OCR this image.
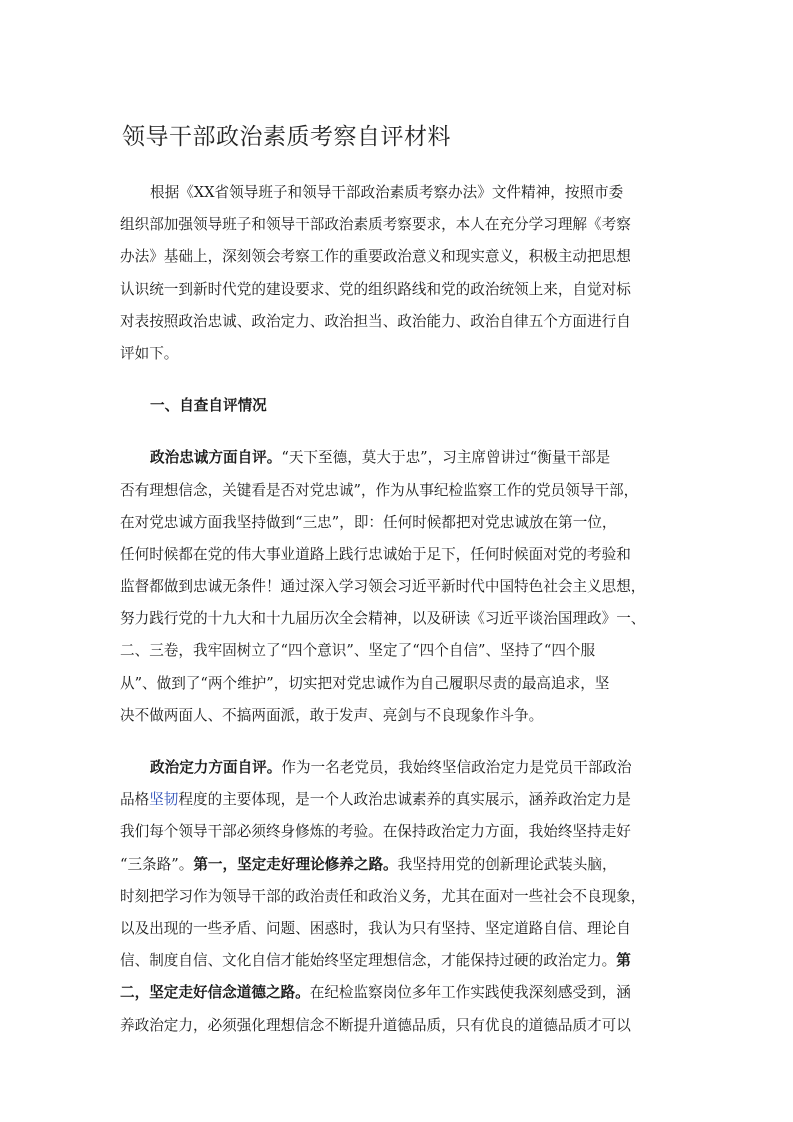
领导干部政治素质考察自评材料
根据《XX省领导班子和领导干部政治素质考察办法》文件精神，按照市委
组织部加强领导班子和领导干部政治素质考察要求，本人在充分学习理解《考察
办法》基础上，深刻领会考察工作的重要政治意义和现实意义，积极主动把思想
认识统一到新时代党的建设要求、党的组织路线和党的政治统领上来，自觉对标
对表按照政治忠诚、政治定力、政治担当、政治能力、政治自律五个方面进行自
评如下。
一、自查自评情况
政治忠诚方面自评。“天下至德，莫大于忠”，习主席曾讲过“衡量干部是
否有理想信念，关键看是否对党忠诚”，作为从事纪检监察工作的党员领导干部，
在对党忠诚方面我坚持做到“三忠”，即：任何时候都把对党忠诚放在第一位，
任何时候都在党的伟大事业道路上践行忠诚始于足下，任何时候面对党的考验和
监督都做到忠诚无条件！通过深入学习领会习近平新时代中国特色社会主义思想，
努力践行党的十九大和十九届历次全会精神，以及研读《习近平谈治国理政》一、
二、三卷，我牢固树立了“四个意识”、坚定了“四个自信”、坚持了“四个服
从”、做到了“两个维护”，切实把对党忠诚作为自己履职尽责的最高追求，坚
决不做两面人、不搞两面派，敢于发声、亮剑与不良现象作斗争。
政治定力方面自评。作为一名老党员，我始终坚信政治定力是党员干部政治
品格坚韧程度的主要体现，是一个人政治忠诚素养的真实展示，涵养政治定力是
我们每个领导干部必须终身修炼的考验。在保持政治定力方面，我始终坚持走好
“三条路”。第一，坚定走好理论修养之路。我坚持用党的创新理论武装头脑，
时刻把学习作为领导干部的政治责任和政治义务，尤其在面对一些社会不良现象，
以及出现的一些矛盾、问题、困惑时，我认为只有坚持、坚定道路自信、理论自
信、制度自信、文化自信才能始终坚定理想信念，才能保持过硬的政治定力。第
二，坚定走好信念道德之路。在纪检监察岗位多年工作实践使我深刻感受到，涵
养政治定力，必须强化理想信念不断提升道德品质，只有优良的道德品质才可以
